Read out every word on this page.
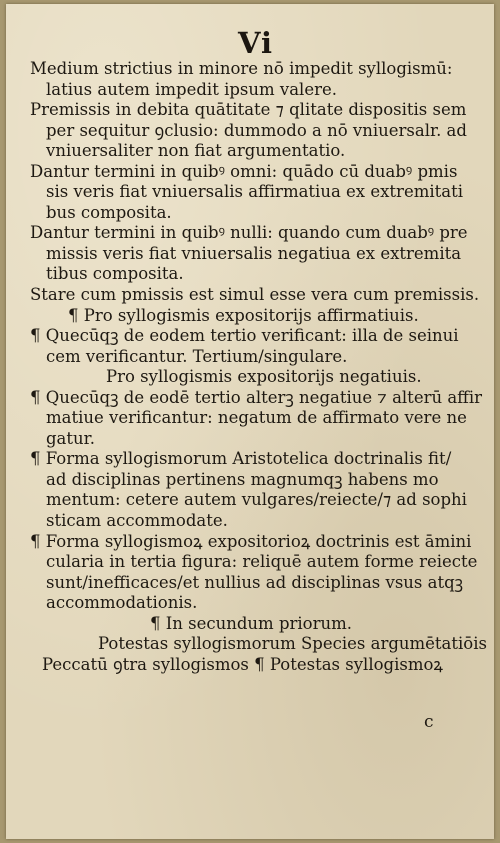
Vi
Medium strictius in minore nō impedit syllogismū:
latius autem impedit ipsum valere.
Premissis in debita quātitate ⁊ qlitate dispositis sem
per sequitur ꝯclusio: dummodo a nō vniuersalr. ad
vniuersaliter non fiat argumentatio.
Dantur termini in quibꝰ omni: quādo cū duabꝰ pmis
sis veris fiat vniuersalis affirmatiua ex extremitati
bus composita.
Dantur termini in quibꝰ nulli: quando cum duabꝰ pre
missis veris fiat vniuersalis negatiua ex extremita
tibus composita.
Stare cum pmissis est simul esse vera cum premissis.
¶ Pro syllogismis expositorijs affirmatiuis.
¶ Quecūqꝫ de eodem tertio verificant: illa de seinui
cem verificantur. Tertium/singulare.
Pro syllogismis expositorijs negatiuis.
¶ Quecūqꝫ de eodē tertio alterꝫ negatiue ⁊ alterū affir
matiue verificantur: negatum de affirmato vere ne
gatur.
¶ Forma syllogismorum Aristotelica doctrinalis fit/
ad disciplinas pertinens magnumqꝫ habens mo
mentum: cetere autem vulgares/reiecte/⁊ ad sophi
sticam accommodate.
¶ Forma syllogismoꝝ expositorioꝝ doctrinis est āmini
cularia in tertia figura: reliquē autem forme reiecte
sunt/inefficaces/et nullius ad disciplinas vsus atqꝫ
accommodationis.
¶ In secundum priorum.
Potestas syllogismorum Species argumētatiōis
Peccatū ꝯtra syllogismos ¶ Potestas syllogismoꝝ
c
